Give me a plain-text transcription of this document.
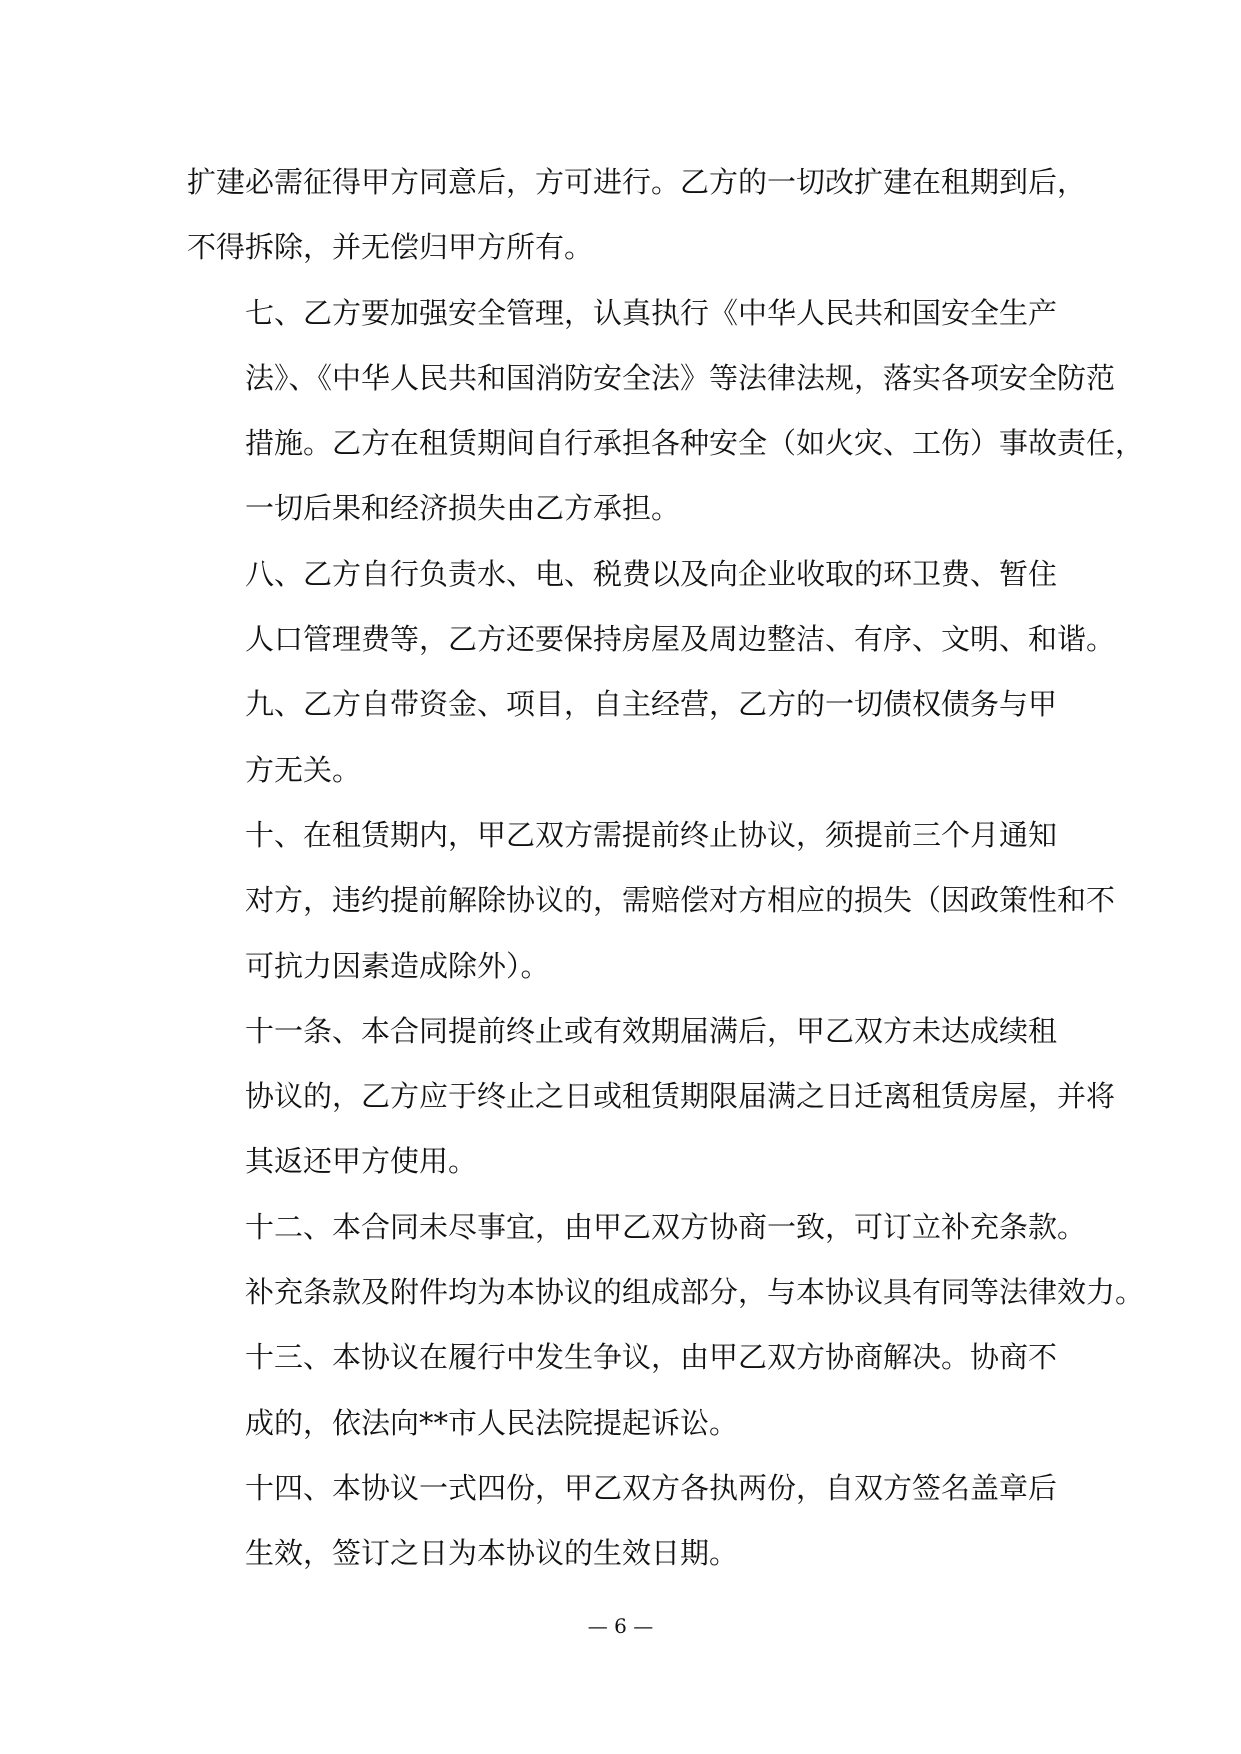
扩建必需征得甲方同意后，方可进行。乙方的一切改扩建在租期到后，
不得拆除，并无偿归甲方所有。
七、乙方要加强安全管理，认真执行《中华人民共和国安全生产
法》、《中华人民共和国消防安全法》等法律法规，落实各项安全防范
措施。乙方在租赁期间自行承担各种安全（如火灾、工伤）事故责任，
一切后果和经济损失由乙方承担。
八、乙方自行负责水、电、税费以及向企业收取的环卫费、暂住
人口管理费等，乙方还要保持房屋及周边整洁、有序、文明、和谐。
九、乙方自带资金、项目，自主经营，乙方的一切债权债务与甲
方无关。
十、在租赁期内，甲乙双方需提前终止协议，须提前三个月通知
对方，违约提前解除协议的，需赔偿对方相应的损失（因政策性和不
可抗力因素造成除外）。
十一条、本合同提前终止或有效期届满后，甲乙双方未达成续租
协议的，乙方应于终止之日或租赁期限届满之日迁离租赁房屋，并将
其返还甲方使用。
十二、本合同未尽事宜，由甲乙双方协商一致，可订立补充条款。
补充条款及附件均为本协议的组成部分，与本协议具有同等法律效力。
十三、本协议在履行中发生争议，由甲乙双方协商解决。协商不
成的，依法向**市人民法院提起诉讼。
十四、本协议一式四份，甲乙双方各执两份，自双方签名盖章后
生效，签订之日为本协议的生效日期。
— 6 —
